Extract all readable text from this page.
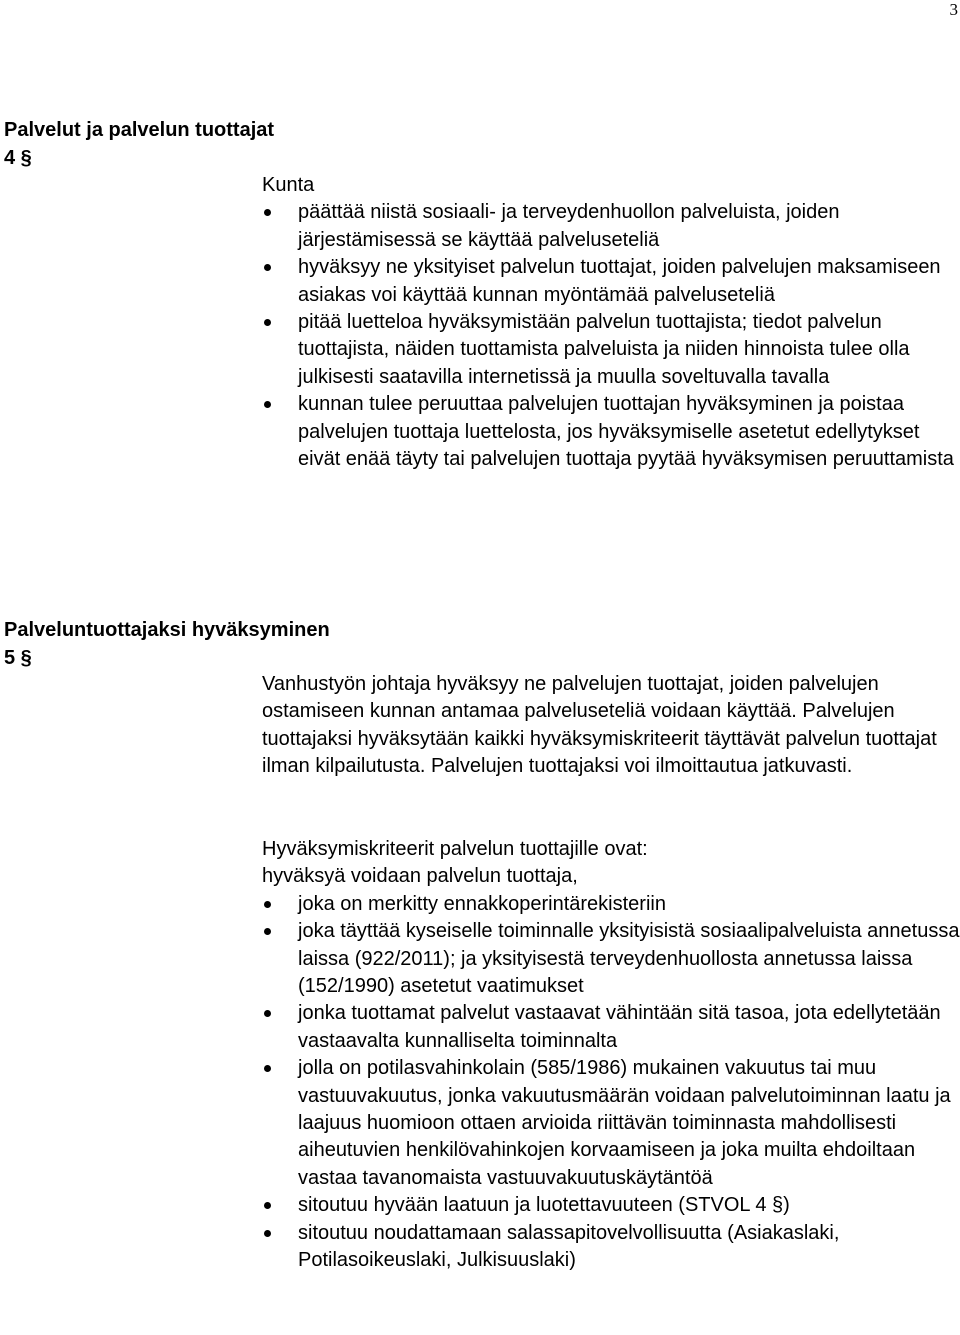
3
Palvelut ja palvelun tuottajat
4 §

Kunta

päättää niistä sosiaali- ja terveydenhuollon palveluista, joiden järjestämisessä se käyttää palveluseteliä
hyväksyy ne yksityiset palvelun tuottajat, joiden palvelujen maksamiseen asiakas voi käyttää kunnan myöntämää palveluseteliä
pitää luetteloa hyväksymistään palvelun tuottajista; tiedot palvelun tuottajista, näiden tuottamista palveluista ja niiden hinnoista tulee olla julkisesti saatavilla internetissä ja muulla soveltuvalla tavalla
kunnan tulee peruuttaa palvelujen tuottajan hyväksyminen ja poistaa palvelujen tuottaja luettelosta, jos hyväksymiselle asetetut edellytykset eivät enää täyty tai palvelujen tuottaja pyytää hyväksymisen peruuttamista
Palveluntuottajaksi hyväksyminen
5 §

Vanhustyön johtaja hyväksyy ne palvelujen tuottajat, joiden palvelujen ostamiseen kunnan antamaa palveluseteliä voidaan käyttää. Palvelujen tuottajaksi hyväksytään kaikki hyväksymiskriteerit täyttävät palvelun tuottajat ilman kilpailutusta. Palvelujen tuottajaksi voi ilmoittautua jatkuvasti.

Hyväksymiskriteerit palvelun tuottajille ovat:

hyväksyä voidaan palvelun tuottaja,

joka on merkitty ennakkoperintärekisteriin
joka täyttää kyseiselle toiminnalle yksityisistä sosiaalipalveluista annetussa laissa (922/2011); ja yksityisestä terveydenhuollosta annetussa laissa (152/1990) asetetut vaatimukset
jonka tuottamat palvelut vastaavat vähintään sitä tasoa, jota edellytetään vastaavalta kunnalliselta toiminnalta
jolla on potilasvahinkolain (585/1986) mukainen vakuutus tai muu vastuuvakuutus, jonka vakuutusmäärän voidaan palvelutoiminnan laatu ja laajuus huomioon ottaen arvioida riittävän toiminnasta mahdollisesti aiheutuvien henkilövahinkojen korvaamiseen ja joka muilta ehdoiltaan vastaa tavanomaista vastuuvakuutuskäytäntöä
sitoutuu hyvään laatuun ja luotettavuuteen (STVOL 4 §)
sitoutuu noudattamaan salassapitovelvollisuutta (Asiakaslaki, Potilasoikeuslaki, Julkisuuslaki)
